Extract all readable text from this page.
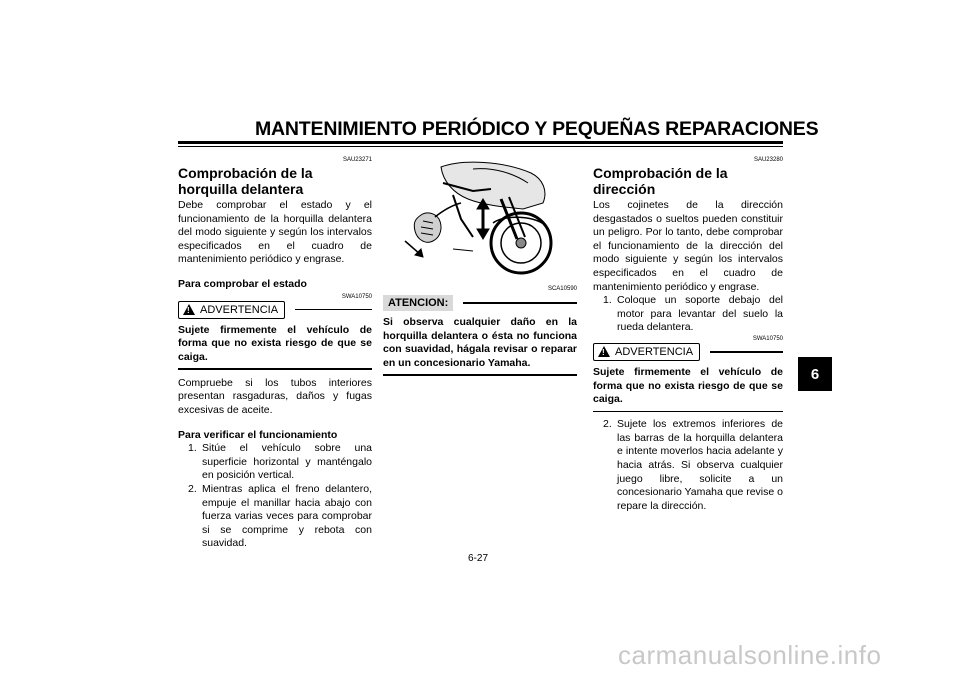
MANTENIMIENTO PERIÓDICO Y PEQUEÑAS REPARACIONES
6
SAU23271
Comprobación de la horquilla delantera
Debe comprobar el estado y el funcionamiento de la horquilla delantera del modo siguiente y según los intervalos especificados en el cuadro de mantenimiento periódico y engrase.
Para comprobar el estado
SWA10750
! ADVERTENCIA
Sujete firmemente el vehículo de forma que no exista riesgo de que se caiga.
Compruebe si los tubos interiores presentan rasgaduras, daños y fugas excesivas de aceite.
Para verificar el funcionamiento
1. Sitúe el vehículo sobre una superficie horizontal y manténgalo en posición vertical.
2. Mientras aplica el freno delantero, empuje el manillar hacia abajo con fuerza varias veces para comprobar si se comprime y rebota con suavidad.
SCA10590
ATENCION:
Si observa cualquier daño en la horquilla delantera o ésta no funciona con suavidad, hágala revisar o reparar en un concesionario Yamaha.
SAU23280
Comprobación de la dirección
Los cojinetes de la dirección desgastados o sueltos pueden constituir un peligro. Por lo tanto, debe comprobar el funcionamiento de la dirección del modo siguiente y según los intervalos especificados en el cuadro de mantenimiento periódico y engrase.
1. Coloque un soporte debajo del motor para levantar del suelo la rueda delantera.
SWA10750
! ADVERTENCIA
Sujete firmemente el vehículo de forma que no exista riesgo de que se caiga.
2. Sujete los extremos inferiores de las barras de la horquilla delantera e intente moverlos hacia adelante y hacia atrás. Si observa cualquier juego libre, solicite a un concesionario Yamaha que revise o repare la dirección.
6-27
carmanualsonline.info
